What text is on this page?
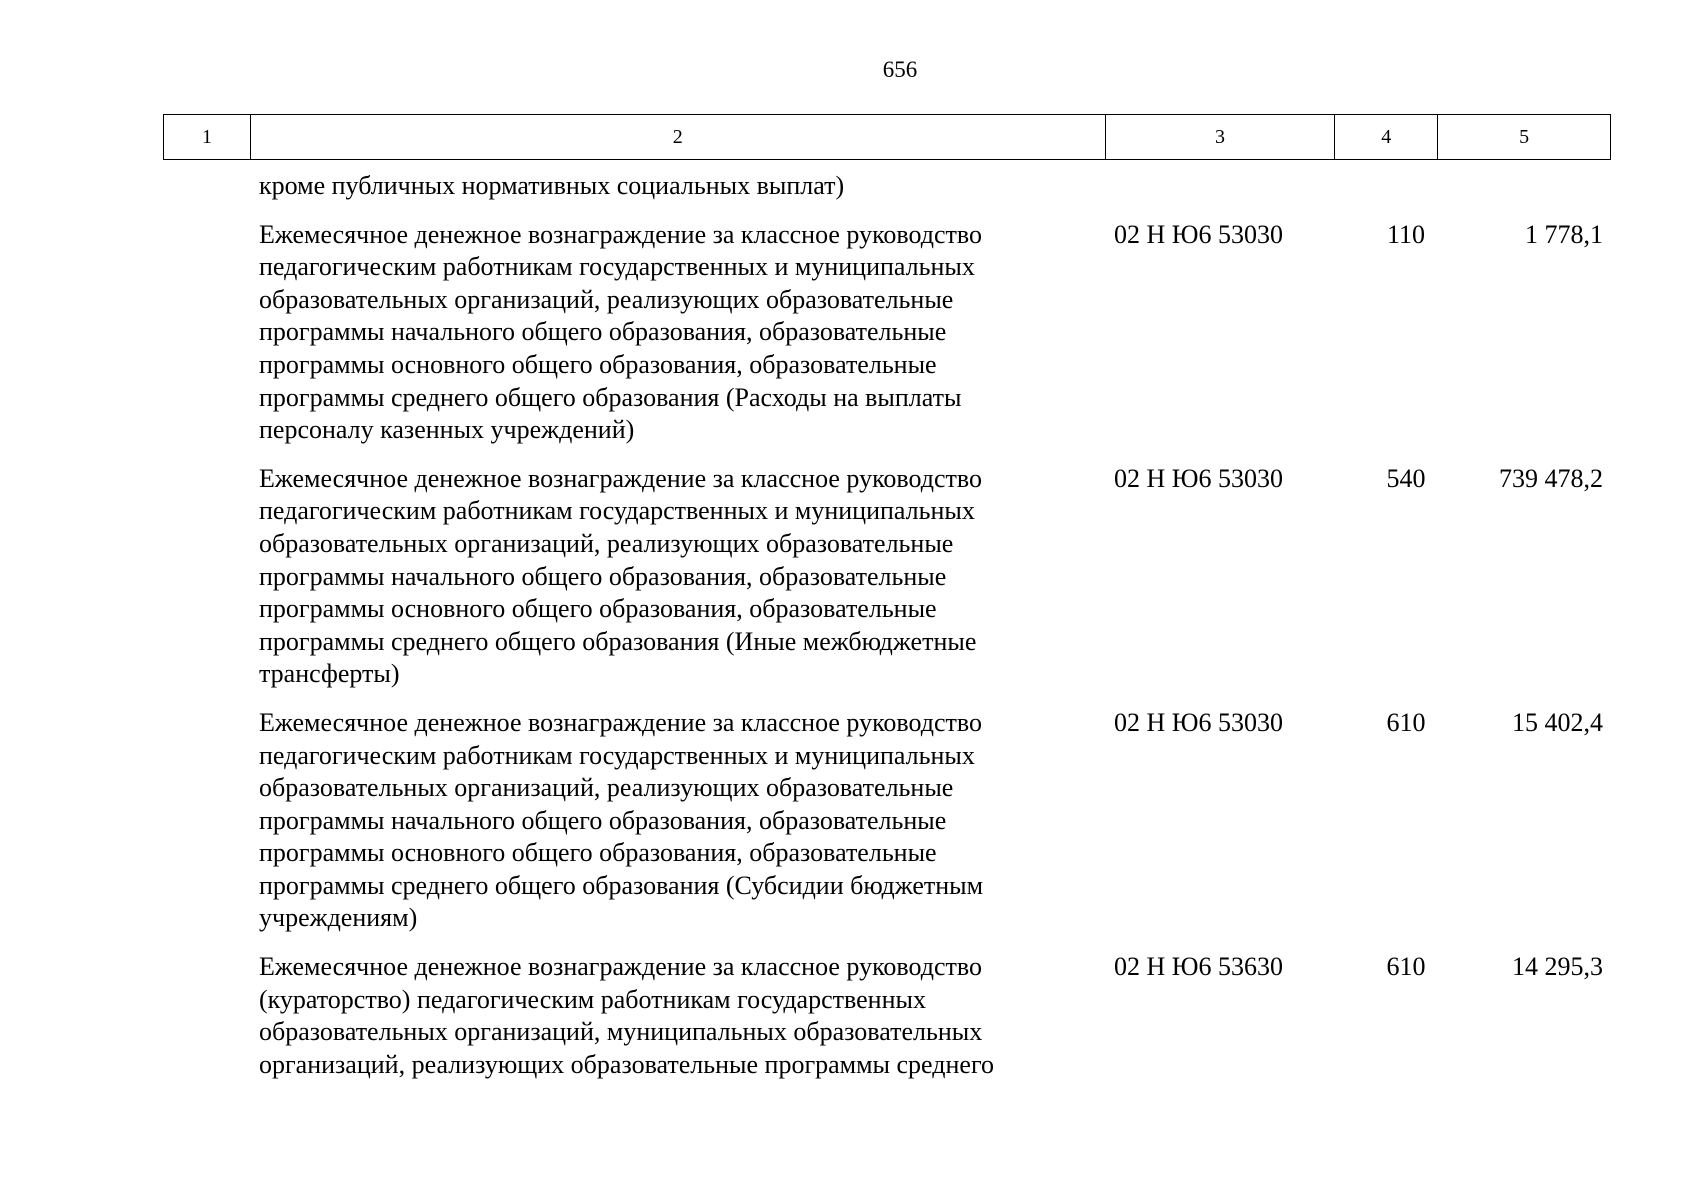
656
1	2	3	4	5
кроме публичных нормативных социальных выплат)
Ежемесячное денежное вознаграждение за классное руководство
педагогическим работникам государственных и муниципальных
образовательных организаций, реализующих образовательные
программы начального общего образования, образовательные
программы основного общего образования, образовательные
программы среднего общего образования (Расходы на выплаты
персоналу казенных учреждений)
02 Н Ю6 53030	110	1 778,1
Ежемесячное денежное вознаграждение за классное руководство
педагогическим работникам государственных и муниципальных
образовательных организаций, реализующих образовательные
программы начального общего образования, образовательные
программы основного общего образования, образовательные
программы среднего общего образования (Иные межбюджетные
трансферты)
02 Н Ю6 53030	540	739 478,2
Ежемесячное денежное вознаграждение за классное руководство
педагогическим работникам государственных и муниципальных
образовательных организаций, реализующих образовательные
программы начального общего образования, образовательные
программы основного общего образования, образовательные
программы среднего общего образования (Субсидии бюджетным
учреждениям)
02 Н Ю6 53030	610	15 402,4
Ежемесячное денежное вознаграждение за классное руководство
(кураторство) педагогическим работникам государственных
образовательных организаций, муниципальных образовательных
организаций, реализующих образовательные программы среднего
02 Н Ю6 53630	610	14 295,3
